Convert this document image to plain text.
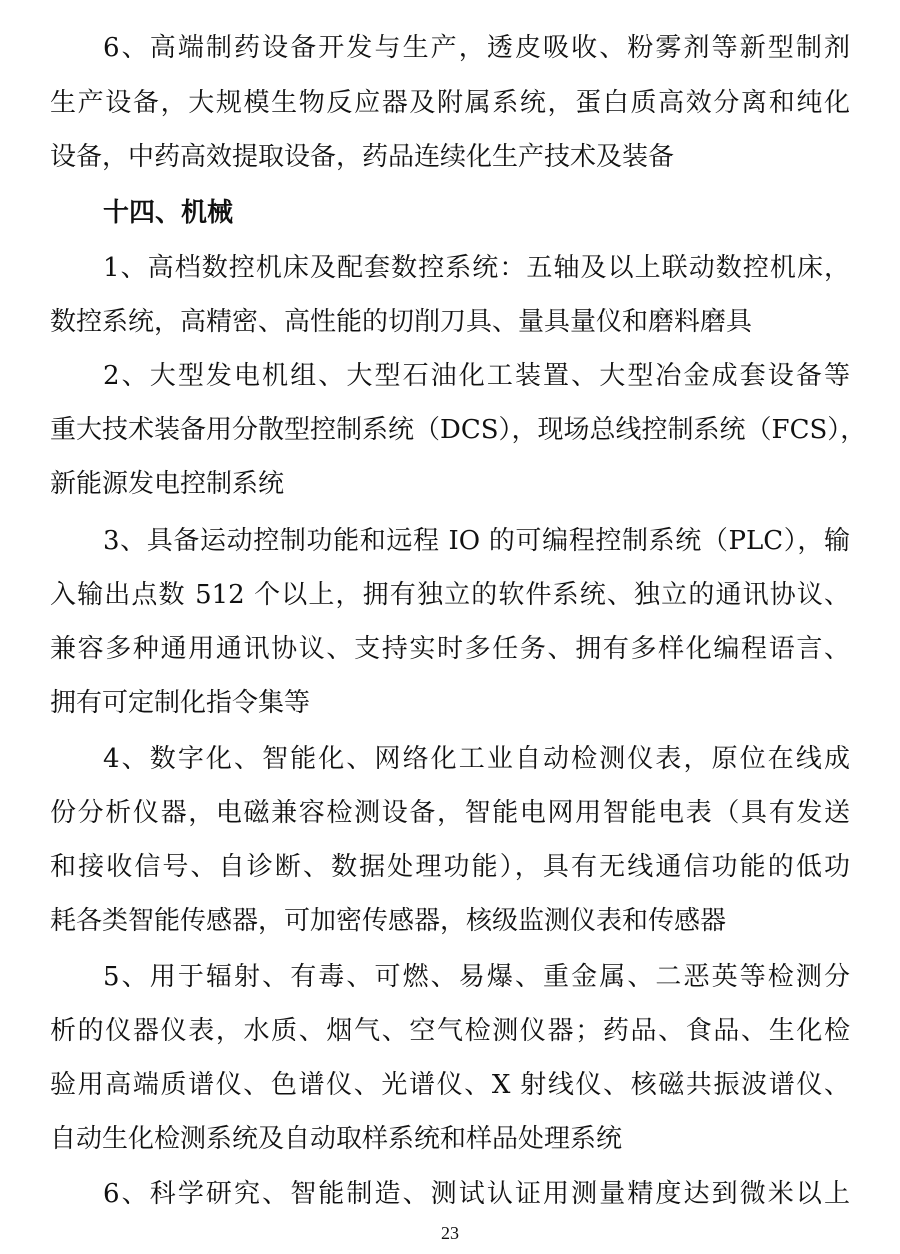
6、高端制药设备开发与生产，透皮吸收、粉雾剂等新型制剂
生产设备，大规模生物反应器及附属系统，蛋白质高效分离和纯化
设备，中药高效提取设备，药品连续化生产技术及装备
十四、机械
1、高档数控机床及配套数控系统：五轴及以上联动数控机床，
数控系统，高精密、高性能的切削刀具、量具量仪和磨料磨具
2、大型发电机组、大型石油化工装置、大型冶金成套设备等
重大技术装备用分散型控制系统（DCS），现场总线控制系统（FCS），
新能源发电控制系统
3、具备运动控制功能和远程 IO 的可编程控制系统（PLC），输
入输出点数 512 个以上，拥有独立的软件系统、独立的通讯协议、
兼容多种通用通讯协议、支持实时多任务、拥有多样化编程语言、
拥有可定制化指令集等
4、数字化、智能化、网络化工业自动检测仪表，原位在线成
份分析仪器，电磁兼容检测设备，智能电网用智能电表（具有发送
和接收信号、自诊断、数据处理功能），具有无线通信功能的低功
耗各类智能传感器，可加密传感器，核级监测仪表和传感器
5、用于辐射、有毒、可燃、易爆、重金属、二恶英等检测分
析的仪器仪表，水质、烟气、空气检测仪器；药品、食品、生化检
验用高端质谱仪、色谱仪、光谱仪、X 射线仪、核磁共振波谱仪、
自动生化检测系统及自动取样系统和样品处理系统
6、科学研究、智能制造、测试认证用测量精度达到微米以上
23
